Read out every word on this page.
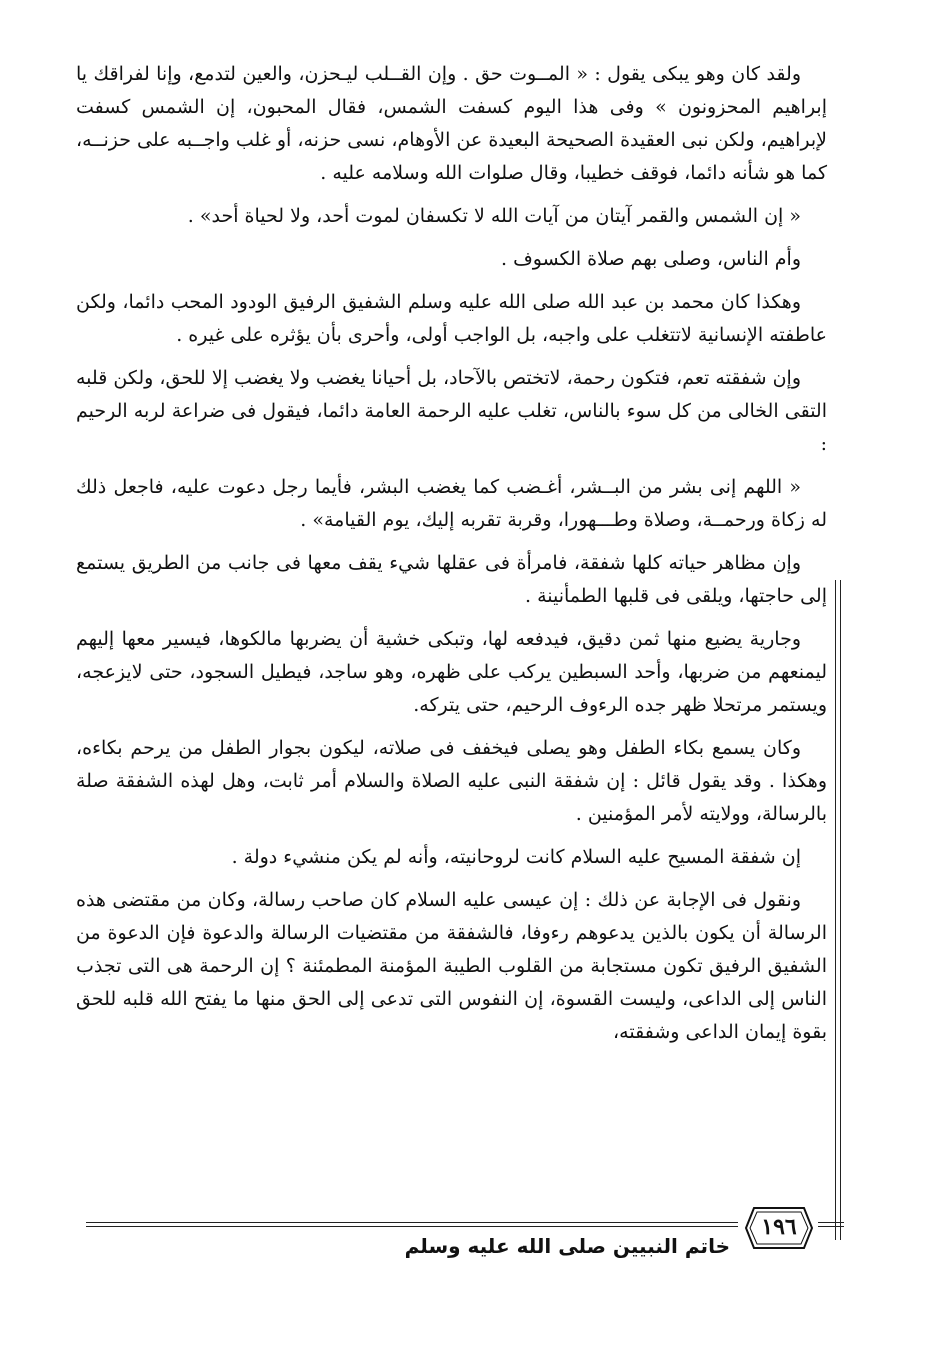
ولقد كان وهو يبكى يقول : « المــوت حق . وإن القــلب ليـحزن، والعين لتدمع، وإنا لفراقك يا إبراهيم المحزونون » وفى هذا اليوم كسفت الشمس، فقال المحبون، إن الشمس كسفت لإبراهيم، ولكن نبى العقيدة الصحيحة البعيدة عن الأوهام، نسى حزنه، أو غلب واجــبه على حزنــه، كما هو شأنه دائما، فوقف خطيبا، وقال صلوات الله وسلامه عليه .

« إن الشمس والقمر آيتان من آيات الله لا تكسفان لموت أحد، ولا لحياة أحد» .

وأم الناس، وصلى بهم صلاة الكسوف .

وهكذا كان محمد بن عبد الله صلى الله عليه وسلم الشفيق الرفيق الودود المحب دائما، ولكن عاطفته الإنسانية لاتتغلب على واجبه، بل الواجب أولى، وأحرى بأن يؤثره على غيره .

وإن شفقته تعم، فتكون رحمة، لاتختص بالآحاد، بل أحيانا يغضب ولا يغضب إلا للحق، ولكن قلبه التقى الخالى من كل سوء بالناس، تغلب عليه الرحمة العامة دائما، فيقول فى ضراعة لربه الرحيم :

« اللهم إنى بشر من البــشر، أغـضب كما يغضب البشر، فأيما رجل دعوت عليه، فاجعل ذلك له زكاة ورحمــة، وصلاة وطـــهورا، وقربة تقربه إليك، يوم القيامة» .

وإن مظاهر حياته كلها شفقة، فامرأة فى عقلها شيء يقف معها فى جانب من الطريق يستمع إلى حاجتها، ويلقى فى قلبها الطمأنينة .

وجارية يضيع منها ثمن دقيق، فيدفعه لها، وتبكى خشية أن يضربها مالكوها، فيسير معها إليهم ليمنعهم من ضربها، وأحد السبطين يركب على ظهره، وهو ساجد، فيطيل السجود، حتى لايزعجه، ويستمر مرتحلا ظهر جده الرءوف الرحيم، حتى يتركه.

وكان يسمع بكاء الطفل وهو يصلى فيخفف فى صلاته، ليكون بجوار الطفل من يرحم بكاءه، وهكذا . وقد يقول قائل : إن شفقة النبى عليه الصلاة والسلام أمر ثابت، وهل لهذه الشفقة صلة بالرسالة، وولايته لأمر المؤمنين .

إن شفقة المسيح عليه السلام كانت لروحانيته، وأنه لم يكن منشيء دولة .

ونقول فى الإجابة عن ذلك : إن عيسى عليه السلام كان صاحب رسالة، وكان من مقتضى هذه الرسالة أن يكون بالذين يدعوهم رءوفا، فالشفقة من مقتضيات الرسالة والدعوة فإن الدعوة من الشفيق الرفيق تكون مستجابة من القلوب الطيبة المؤمنة المطمئنة ؟ إن الرحمة هى التى تجذب الناس إلى الداعى، وليست القسوة، إن النفوس التى تدعى إلى الحق منها ما يفتح الله قلبه للحق بقوة إيمان الداعى وشفقته،

١٩٦
خاتم النبيين صلى الله عليه وسلم
